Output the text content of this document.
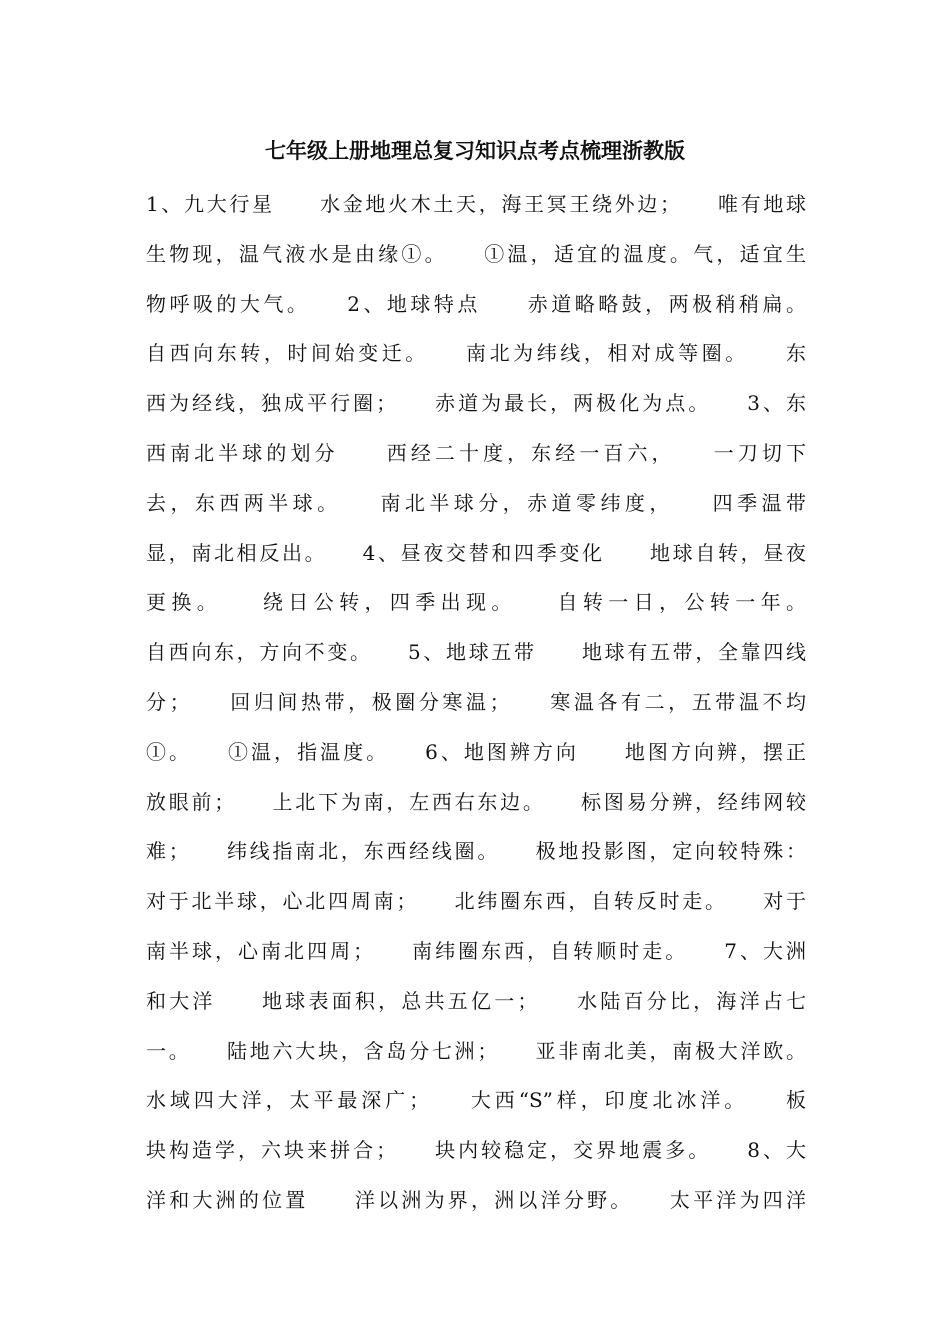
七年级上册地理总复习知识点考点梳理浙教版
1、九大行星　　水金地火木土天，海王冥王绕外边；　　唯有地球
生物现，温气液水是由缘①。　　①温，适宜的温度。气，适宜生
物呼吸的大气。　　2、地球特点　　赤道略略鼓，两极稍稍扁。
自西向东转，时间始变迁。　　南北为纬线，相对成等圈。　　东
西为经线，独成平行圈；　　赤道为最长，两极化为点。　　3、东
西南北半球的划分　　西经二十度，东经一百六，　　一刀切下
去，东西两半球。　　南北半球分，赤道零纬度，　　四季温带
显，南北相反出。　　4、昼夜交替和四季变化　　地球自转，昼夜
更换。　　绕日公转，四季出现。　　自转一日，公转一年。
自西向东，方向不变。　　5、地球五带　　地球有五带，全靠四线
分；　　回归间热带，极圈分寒温；　　寒温各有二，五带温不均
①。　　①温，指温度。　　6、地图辨方向　　地图方向辨，摆正
放眼前；　　上北下为南，左西右东边。　　标图易分辨，经纬网较
难；　　纬线指南北，东西经线圈。　　极地投影图，定向较特殊：
对于北半球，心北四周南；　　北纬圈东西，自转反时走。　　对于
南半球，心南北四周；　　南纬圈东西，自转顺时走。　　7、大洲
和大洋　　地球表面积，总共五亿一；　　水陆百分比，海洋占七
一。　　陆地六大块，含岛分七洲；　　亚非南北美，南极大洋欧。
水域四大洋，太平最深广；　　大西“S”样，印度北冰洋。　　板
块构造学，六块来拼合；　　块内较稳定，交界地震多。　　8、大
洋和大洲的位置　　洋以洲为界，洲以洋分野。　　太平洋为四洋
